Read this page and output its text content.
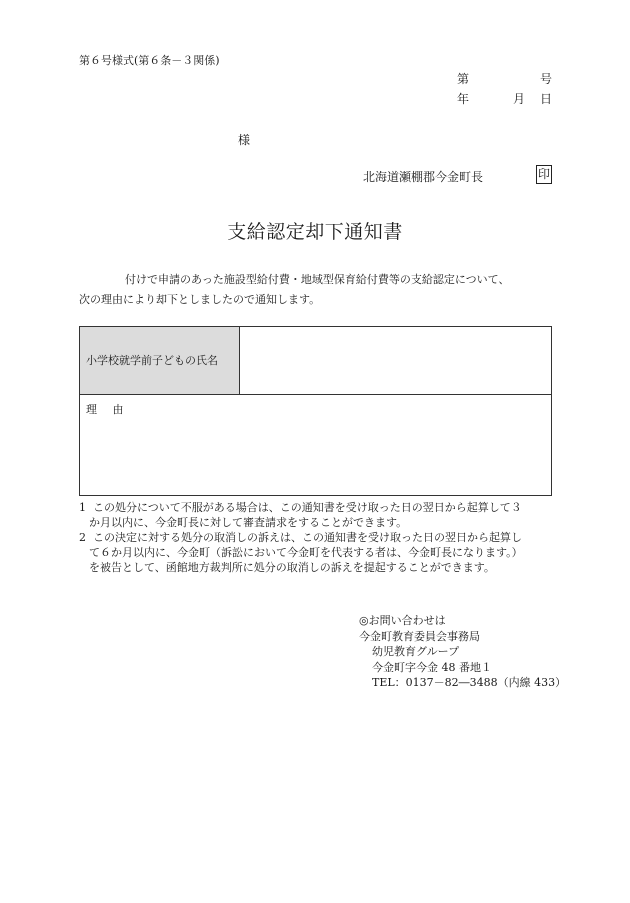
第６号様式(第６条－３関係)
第	号
年	月 日
様
北海道瀬棚郡今金町長	印
支給認定却下通知書
付けで申請のあった施設型給付費・地域型保育給付費等の支給認定について、
次の理由により却下としましたので通知します。
小学校就学前子どもの氏名
理 由
1 この処分について不服がある場合は、この通知書を受け取った日の翌日から起算して３
か月以内に、今金町長に対して審査請求をすることができます。
2 この決定に対する処分の取消しの訴えは、この通知書を受け取った日の翌日から起算し
て６か月以内に、今金町（訴訟において今金町を代表する者は、今金町長になります。）
を被告として、函館地方裁判所に処分の取消しの訴えを提起することができます。
◎お問い合わせは
今金町教育委員会事務局
幼児教育グループ
今金町字今金 48 番地１
TEL：0137－82―3488（内線 433）
